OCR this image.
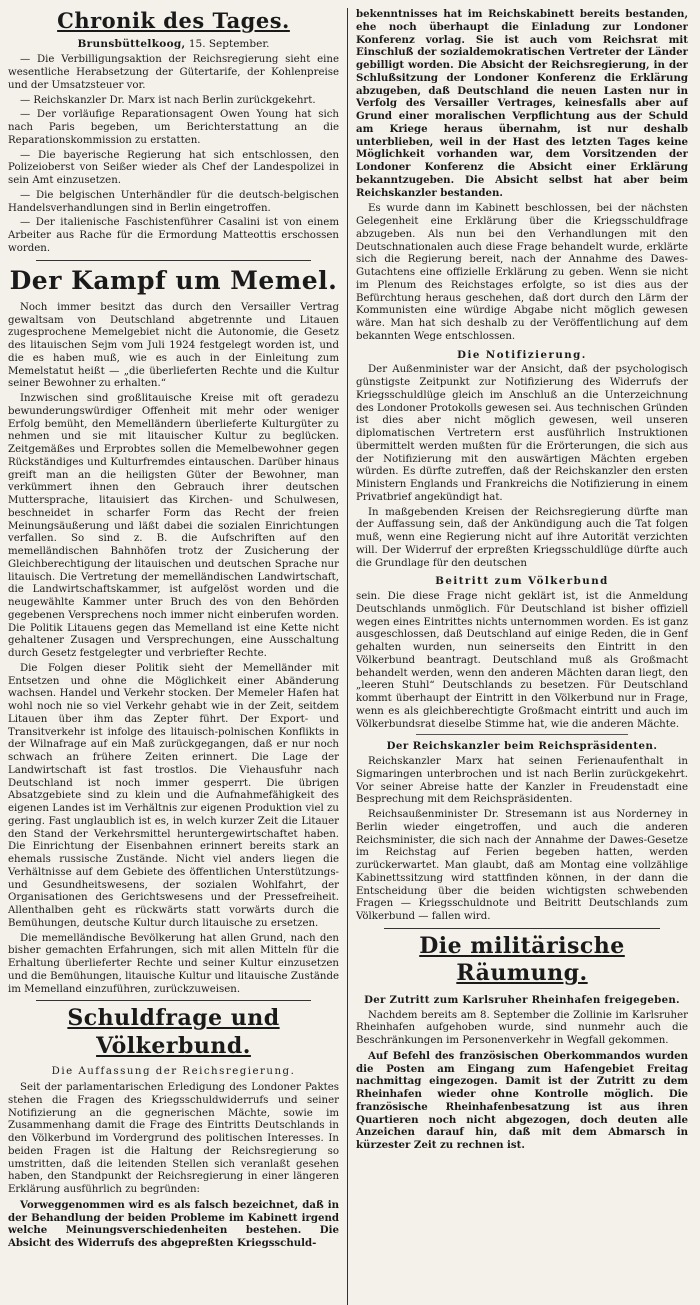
Chronik des Tages.
Brunsbüttelkoog, 15. September.

— Die Verbilligungsaktion der Reichsregierung sieht eine wesentliche Herabsetzung der Gütertarife, der Kohlenpreise und der Umsatzsteuer vor.

— Reichskanzler Dr. Marx ist nach Berlin zurückgekehrt.

— Der vorläufige Reparationsagent Owen Young hat sich nach Paris begeben, um Berichterstattung an die Reparationskommission zu erstatten.

— Die bayerische Regierung hat sich entschlossen, den Polizeioberst von Seißer wieder als Chef der Landespolizei in sein Amt einzusetzen.

— Die belgischen Unterhändler für die deutsch-belgischen Handelsverhandlungen sind in Berlin eingetroffen.

— Der italienische Faschistenführer Casalini ist von einem Arbeiter aus Rache für die Ermordung Matteottis erschossen worden.

Der Kampf um Memel.

Noch immer besitzt das durch den Versailler Vertrag gewaltsam von Deutschland abgetrennte und Litauen zugesprochene Memelgebiet nicht die Autonomie, die Gesetz des litauischen Sejm vom Juli 1924 festgelegt worden ist, und die es haben muß, wie es auch in der Einleitung zum Memelstatut heißt — „die überlieferten Rechte und die Kultur seiner Bewohner zu erhalten.“

Inzwischen sind großlitauische Kreise mit oft geradezu bewunderungswürdiger Offenheit mit mehr oder weniger Erfolg bemüht, den Memelländern überlieferte Kulturgüter zu nehmen und sie mit litauischer Kultur zu beglücken. Zeitgemäßes und Erprobtes sollen die Memelbewohner gegen Rückständiges und Kulturfremdes eintauschen. Darüber hinaus greift man an die heiligsten Güter der Bewohner, man verkümmert ihnen den Gebrauch ihrer deutschen Muttersprache, litauisiert das Kirchen- und Schulwesen, beschneidet in scharfer Form das Recht der freien Meinungsäußerung und läßt dabei die sozialen Einrichtungen verfallen. So sind z. B. die Aufschriften auf den memelländischen Bahnhöfen trotz der Zusicherung der Gleichberechtigung der litauischen und deutschen Sprache nur litauisch. Die Vertretung der memelländischen Landwirtschaft, die Landwirtschaftskammer, ist aufgelöst worden und die neugewählte Kammer unter Bruch des von den Behörden gegebenen Versprechens noch immer nicht einberufen worden. Die Politik Litauens gegen das Memelland ist eine Kette nicht gehaltener Zusagen und Versprechungen, eine Ausschaltung durch Gesetz festgelegter und verbriefter Rechte.

Die Folgen dieser Politik sieht der Memelländer mit Entsetzen und ohne die Möglichkeit einer Abänderung wachsen. Handel und Verkehr stocken. Der Memeler Hafen hat wohl noch nie so viel Verkehr gehabt wie in der Zeit, seitdem Litauen über ihm das Zepter führt. Der Export- und Transitverkehr ist infolge des litauisch-polnischen Konflikts in der Wilnafrage auf ein Maß zurückgegangen, daß er nur noch schwach an frühere Zeiten erinnert. Die Lage der Landwirtschaft ist fast trostlos. Die Viehausfuhr nach Deutschland ist noch immer gesperrt. Die übrigen Absatzgebiete sind zu klein und die Aufnahmefähigkeit des eigenen Landes ist im Verhältnis zur eigenen Produktion viel zu gering. Fast unglaublich ist es, in welch kurzer Zeit die Litauer den Stand der Verkehrsmittel heruntergewirtschaftet haben. Die Einrichtung der Eisenbahnen erinnert bereits stark an ehemals russische Zustände. Nicht viel anders liegen die Verhältnisse auf dem Gebiete des öffentlichen Unterstützungs- und Gesundheitswesens, der sozialen Wohlfahrt, der Organisationen des Gerichtswesens und der Pressefreiheit. Allenthalben geht es rückwärts statt vorwärts durch die Bemühungen, deutsche Kultur durch litauische zu ersetzen.

Die memelländische Bevölkerung hat allen Grund, nach den bisher gemachten Erfahrungen, sich mit allen Mitteln für die Erhaltung überlieferter Rechte und seiner Kultur einzusetzen und die Bemühungen, litauische Kultur und litauische Zustände im Memelland einzuführen, zurückzuweisen.

Schuldfrage und Völkerbund.
Die Auffassung der Reichsregierung.

Seit der parlamentarischen Erledigung des Londoner Paktes stehen die Fragen des Kriegsschuldwiderrufs und seiner Notifizierung an die gegnerischen Mächte, sowie im Zusammenhang damit die Frage des Eintritts Deutschlands in den Völkerbund im Vordergrund des politischen Interesses. In beiden Fragen ist die Haltung der Reichsregierung so umstritten, daß die leitenden Stellen sich veranlaßt gesehen haben, den Standpunkt der Reichsregierung in einer längeren Erklärung ausführlich zu begründen:

Vorweggenommen wird es als falsch bezeichnet, daß in der Behandlung der beiden Probleme im Kabinett irgend welche Meinungsverschiedenheiten bestehen. Die Absicht des Widerrufs des abgepreßten Kriegsschuld-

bekenntnisses hat im Reichskabinett bereits bestanden, ehe noch überhaupt die Einladung zur Londoner Konferenz vorlag. Sie ist auch vom Reichsrat mit Einschluß der sozialdemokratischen Vertreter der Länder gebilligt worden. Die Absicht der Reichsregierung, in der Schlußsitzung der Londoner Konferenz die Erklärung abzugeben, daß Deutschland die neuen Lasten nur in Verfolg des Versailler Vertrages, keinesfalls aber auf Grund einer moralischen Verpflichtung aus der Schuld am Kriege heraus übernahm, ist nur deshalb unterblieben, weil in der Hast des letzten Tages keine Möglichkeit vorhanden war, dem Vorsitzenden der Londoner Konferenz die Absicht einer Erklärung bekanntzugeben. Die Absicht selbst hat aber beim Reichskanzler bestanden.

Es wurde dann im Kabinett beschlossen, bei der nächsten Gelegenheit eine Erklärung über die Kriegsschuldfrage abzugeben. Als nun bei den Verhandlungen mit den Deutschnationalen auch diese Frage behandelt wurde, erklärte sich die Regierung bereit, nach der Annahme des Dawes-Gutachtens eine offizielle Erklärung zu geben. Wenn sie nicht im Plenum des Reichstages erfolgte, so ist dies aus der Befürchtung heraus geschehen, daß dort durch den Lärm der Kommunisten eine würdige Abgabe nicht möglich gewesen wäre. Man hat sich deshalb zu der Veröffentlichung auf dem bekannten Wege entschlossen.

Die Notifizierung.

Der Außenminister war der Ansicht, daß der psychologisch günstigste Zeitpunkt zur Notifizierung des Widerrufs der Kriegsschuldlüge gleich im Anschluß an die Unterzeichnung des Londoner Protokolls gewesen sei. Aus technischen Gründen ist dies aber nicht möglich gewesen, weil unseren diplomatischen Vertretern erst ausführlich Instruktionen übermittelt werden mußten für die Erörterungen, die sich aus der Notifizierung mit den auswärtigen Mächten ergeben würden. Es dürfte zutreffen, daß der Reichskanzler den ersten Ministern Englands und Frankreichs die Notifizierung in einem Privatbrief angekündigt hat.

In maßgebenden Kreisen der Reichsregierung dürfte man der Auffassung sein, daß der Ankündigung auch die Tat folgen muß, wenn eine Regierung nicht auf ihre Autorität verzichten will. Der Widerruf der erpreßten Kriegsschuldlüge dürfte auch die Grundlage für den deutschen

Beitritt zum Völkerbund

sein. Die diese Frage nicht geklärt ist, ist die Anmeldung Deutschlands unmöglich. Für Deutschland ist bisher offiziell wegen eines Eintrittes nichts unternommen worden. Es ist ganz ausgeschlossen, daß Deutschland auf einige Reden, die in Genf gehalten wurden, nun seinerseits den Eintritt in den Völkerbund beantragt. Deutschland muß als Großmacht behandelt werden, wenn den anderen Mächten daran liegt, den „leeren Stuhl“ Deutschlands zu besetzen. Für Deutschland kommt überhaupt der Eintritt in den Völkerbund nur in Frage, wenn es als gleichberechtigte Großmacht eintritt und auch im Völkerbundsrat dieselbe Stimme hat, wie die anderen Mächte.

Der Reichskanzler beim Reichspräsidenten.

Reichskanzler Marx hat seinen Ferienaufenthalt in Sigmaringen unterbrochen und ist nach Berlin zurückgekehrt. Vor seiner Abreise hatte der Kanzler in Freudenstadt eine Besprechung mit dem Reichspräsidenten.

Reichsaußenminister Dr. Stresemann ist aus Norderney in Berlin wieder eingetroffen, und auch die anderen Reichsminister, die sich nach der Annahme der Dawes-Gesetze im Reichstag auf Ferien begeben hatten, werden zurückerwartet. Man glaubt, daß am Montag eine vollzählige Kabinettssitzung wird stattfinden können, in der dann die Entscheidung über die beiden wichtigsten schwebenden Fragen — Kriegsschuldnote und Beitritt Deutschlands zum Völkerbund — fallen wird.

Die militärische Räumung.
Der Zutritt zum Karlsruher Rheinhafen freigegeben.

Nachdem bereits am 8. September die Zollinie im Karlsruher Rheinhafen aufgehoben wurde, sind nunmehr auch die Beschränkungen im Personenverkehr in Wegfall gekommen.

Auf Befehl des französischen Oberkommandos wurden die Posten am Eingang zum Hafengebiet Freitag nachmittag eingezogen. Damit ist der Zutritt zu dem Rheinhafen wieder ohne Kontrolle möglich. Die französische Rheinhafenbesatzung ist aus ihren Quartieren noch nicht abgezogen, doch deuten alle Anzeichen darauf hin, daß mit dem Abmarsch in kürzester Zeit zu rechnen ist.
